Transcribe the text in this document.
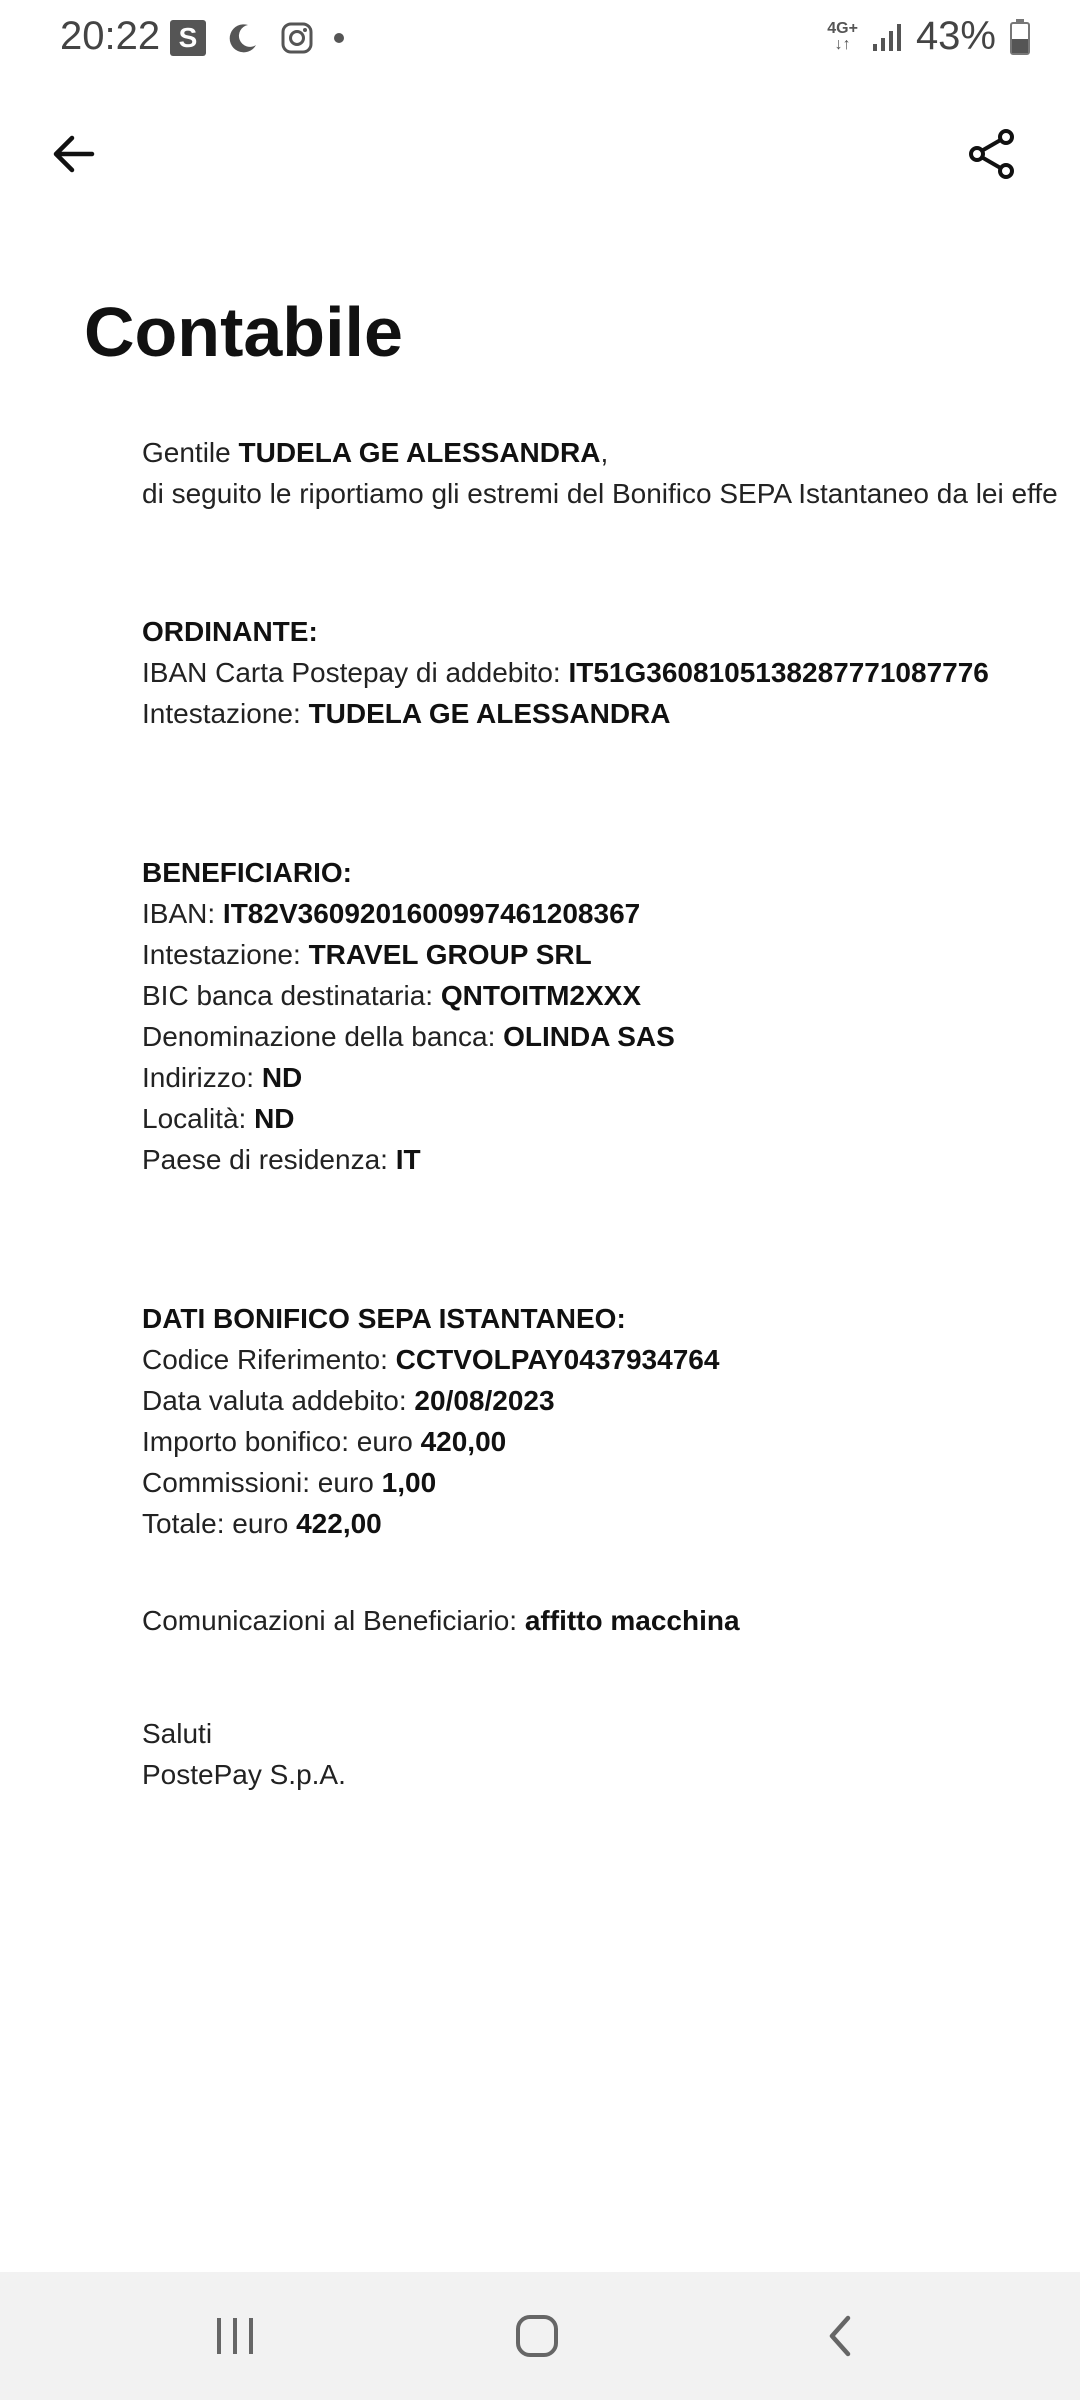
20:22 S	4G+
↓↑ 43%
Contabile
Gentile TUDELA GE ALESSANDRA,
di seguito le riportiamo gli estremi del Bonifico SEPA Istantaneo da lei effe
ORDINANTE:
IBAN Carta Postepay di addebito: IT51G3608105138287771087776
Intestazione: TUDELA GE ALESSANDRA
BENEFICIARIO:
IBAN: IT82V3609201600997461208367
Intestazione: TRAVEL GROUP SRL
BIC banca destinataria: QNTOITM2XXX
Denominazione della banca: OLINDA SAS
Indirizzo: ND
Località: ND
Paese di residenza: IT
DATI BONIFICO SEPA ISTANTANEO:
Codice Riferimento: CCTVOLPAY0437934764
Data valuta addebito: 20/08/2023
Importo bonifico: euro 420,00
Commissioni: euro 1,00
Totale: euro 422,00
Comunicazioni al Beneficiario: affitto macchina
Saluti
PostePay S.p.A.
